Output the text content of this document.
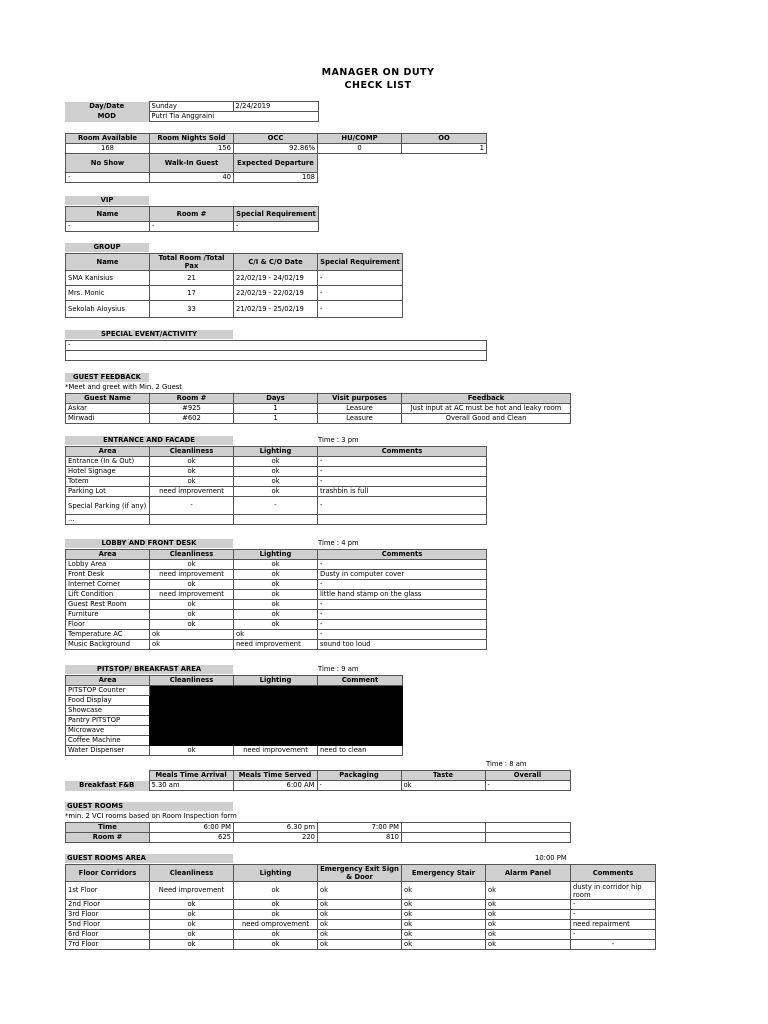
MANAGER ON DUTY
CHECK LIST
Day/Date	Sunday	2/24/2019
MOD	Putri Tia Anggraini	
Room Available	Room Nights Sold	OCC	HU/COMP	OO
168	156	92.86%	0	1
No Show	Walk-In Guest	Expected Departure		
-	40	108		
VIP
Name	Room #	Special Requirement
-	-	-
GROUP
Name	Total Room /Total Pax	C/I & C/O Date	Special Requirement
SMA Kanisius	21	22/02/19 - 24/02/19	-
Mrs. Monic	17	22/02/19 - 22/02/19	-
Sekolah Aloysius	33	21/02/19 - 25/02/19	-
SPECIAL EVENT/ACTIVITY
-

GUEST FEEDBACK
*Meet and greet with Min. 2 Guest
Guest Name	Room #	Days	Visit purposes	Feedback
Askar	#925	1	Leasure	Just input at AC must be hot and leaky room
Mirwadi	#602	1	Leasure	Overall Good and Clean
ENTRANCE AND FACADE	Time : 3 pm
Area	Cleanliness	Lighting	Comments
Entrance (In & Out)	ok	ok	-
Hotel Signage	ok	ok	-
Totem	ok	ok	-
Parking Lot	need improvement	ok	trashbin is full
Special Parking (if any)	-	-	-
...			
LOBBY AND FRONT DESK	Time : 4 pm
Area	Cleanliness	Lighting	Comments
Lobby Area	ok	ok	-
Front Desk	need improvement	ok	Dusty in computer cover
Internet Corner	ok	ok	-
Lift Condition	need improvement	ok	little hand stamp on the glass
Guest Rest Room	ok	ok	-
Furniture	ok	ok	-
Floor	ok	ok	-
Temperature AC	ok	ok	-
Music Background	ok	need improvement	sound too loud
PITSTOP/ BREAKFAST AREA	Time : 9 am
Area	Cleanliness	Lighting	Comment
PITSTOP Counter			
Food Display			
Showcase			
Pantry PITSTOP			
Microwave			
Coffee Machine			
Water Dispenser	ok	need improvement	need to clean
Time : 8 am
	Meals Time Arrival	Meals Time Served	Packaging	Taste	Overall
Breakfast F&B	5.30 am	6:00 AM	-	ok	-
GUEST ROOMS
*min. 2 VCI rooms based on Room Inspection form
Time	6:00 PM	6.30 pm	7:00 PM		
Room #	625	220	810		
GUEST ROOMS AREA	10:00 PM
Floor Corridors	Cleanliness	Lighting	Emergency Exit Sign & Door	Emergency Stair	Alarm Panel	Comments
1st Floor	Need improvement	ok	ok	ok	ok	dusty in corridor hip room
2nd Floor	ok	ok	ok	ok	ok	-
3rd Floor	ok	ok	ok	ok	ok	-
5nd Floor	ok	need omprovement	ok	ok	ok	need repairment
6rd Floor	ok	ok	ok	ok	ok	-
7rd Floor	ok	ok	ok	ok	ok	-
